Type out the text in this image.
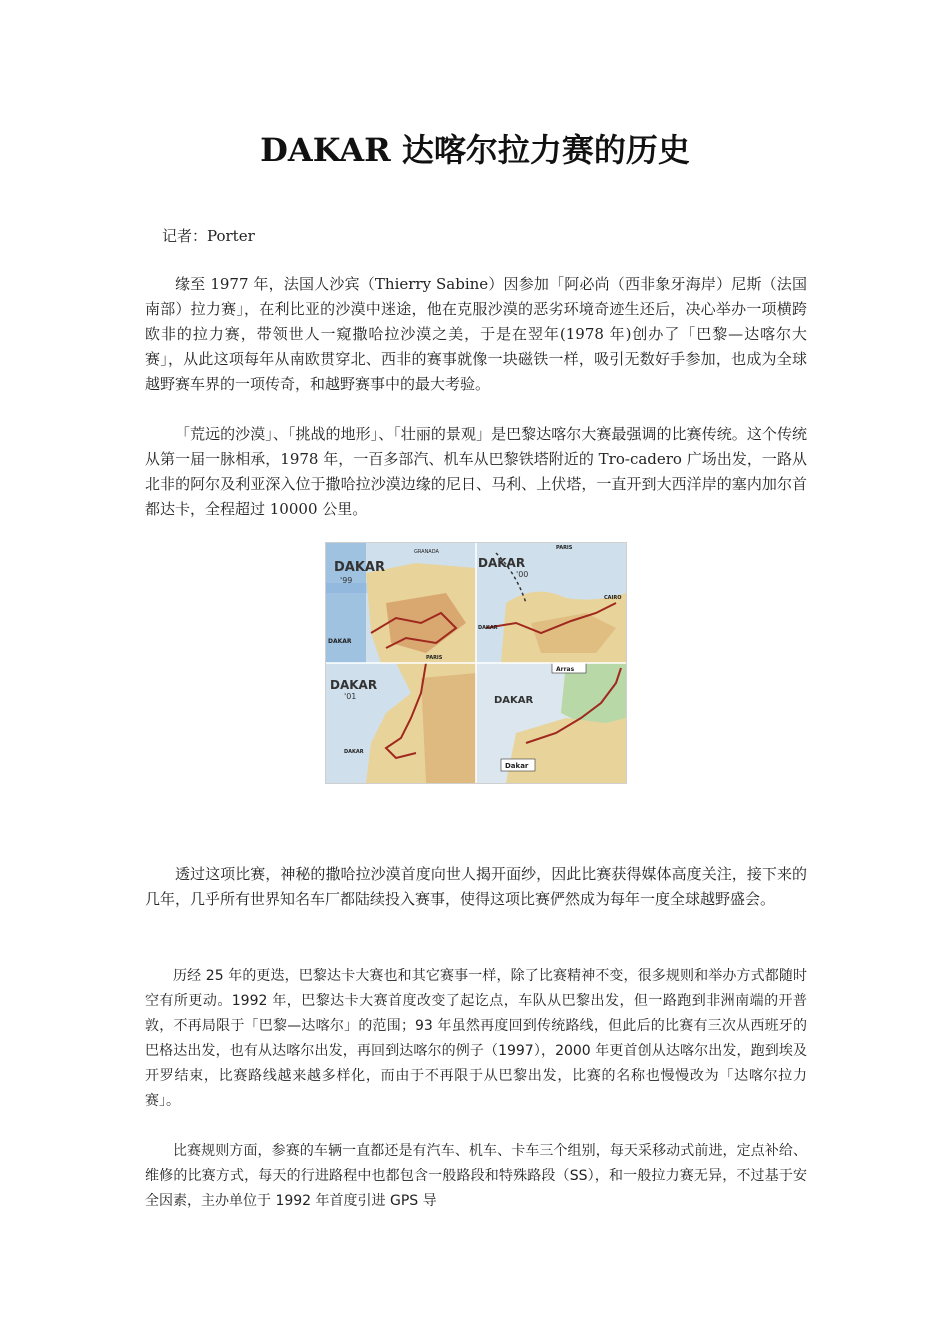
DAKAR 达喀尔拉力赛的历史
记者：Porter

缘至 1977 年，法国人沙宾（Thierry Sabine）因参加「阿必尚（西非象牙海岸）尼斯（法国南部）拉力赛」，在利比亚的沙漠中迷途，他在克服沙漠的恶劣环境奇迹生还后，决心举办一项横跨欧非的拉力赛，带领世人一窥撒哈拉沙漠之美，于是在翌年(1978 年)创办了「巴黎—达喀尔大赛」，从此这项每年从南欧贯穿北、西非的赛事就像一块磁铁一样，吸引无数好手参加，也成为全球越野赛车界的一项传奇，和越野赛事中的最大考验。

「荒远的沙漠」、「挑战的地形」、「壮丽的景观」是巴黎达喀尔大赛最强调的比赛传统。这个传统从第一届一脉相承，1978 年，一百多部汽、机车从巴黎铁塔附近的 Tro-cadero 广场出发，一路从北非的阿尔及利亚深入位于撒哈拉沙漠边缘的尼日、马利、上伏塔，一直开到大西洋岸的塞内加尔首都达卡，全程超过 10000 公里。

DAKAR
'99
GRANADA
DAKAR
DAKAR
'00
PARIS
DAKAR
CAIRO
DAKAR
'01
PARIS
DAKAR
Arras
DAKAR
Dakar

透过这项比赛，神秘的撒哈拉沙漠首度向世人揭开面纱，因此比赛获得媒体高度关注，接下来的几年，几乎所有世界知名车厂都陆续投入赛事，使得这项比赛俨然成为每年一度全球越野盛会。

历经 25 年的更迭，巴黎达卡大赛也和其它赛事一样，除了比赛精神不变，很多规则和举办方式都随时空有所更动。1992 年，巴黎达卡大赛首度改变了起讫点，车队从巴黎出发，但一路跑到非洲南端的开普敦，不再局限于「巴黎—达喀尔」的范围；93 年虽然再度回到传统路线，但此后的比赛有三次从西班牙的巴格达出发，也有从达喀尔出发，再回到达喀尔的例子（1997），2000 年更首创从达喀尔出发，跑到埃及开罗结束，比赛路线越来越多样化，而由于不再限于从巴黎出发，比赛的名称也慢慢改为「达喀尔拉力赛」。

比赛规则方面，参赛的车辆一直都还是有汽车、机车、卡车三个组别，每天采移动式前进，定点补给、维修的比赛方式，每天的行进路程中也都包含一般路段和特殊路段（SS），和一般拉力赛无异，不过基于安全因素，主办单位于 1992 年首度引进 GPS 导
